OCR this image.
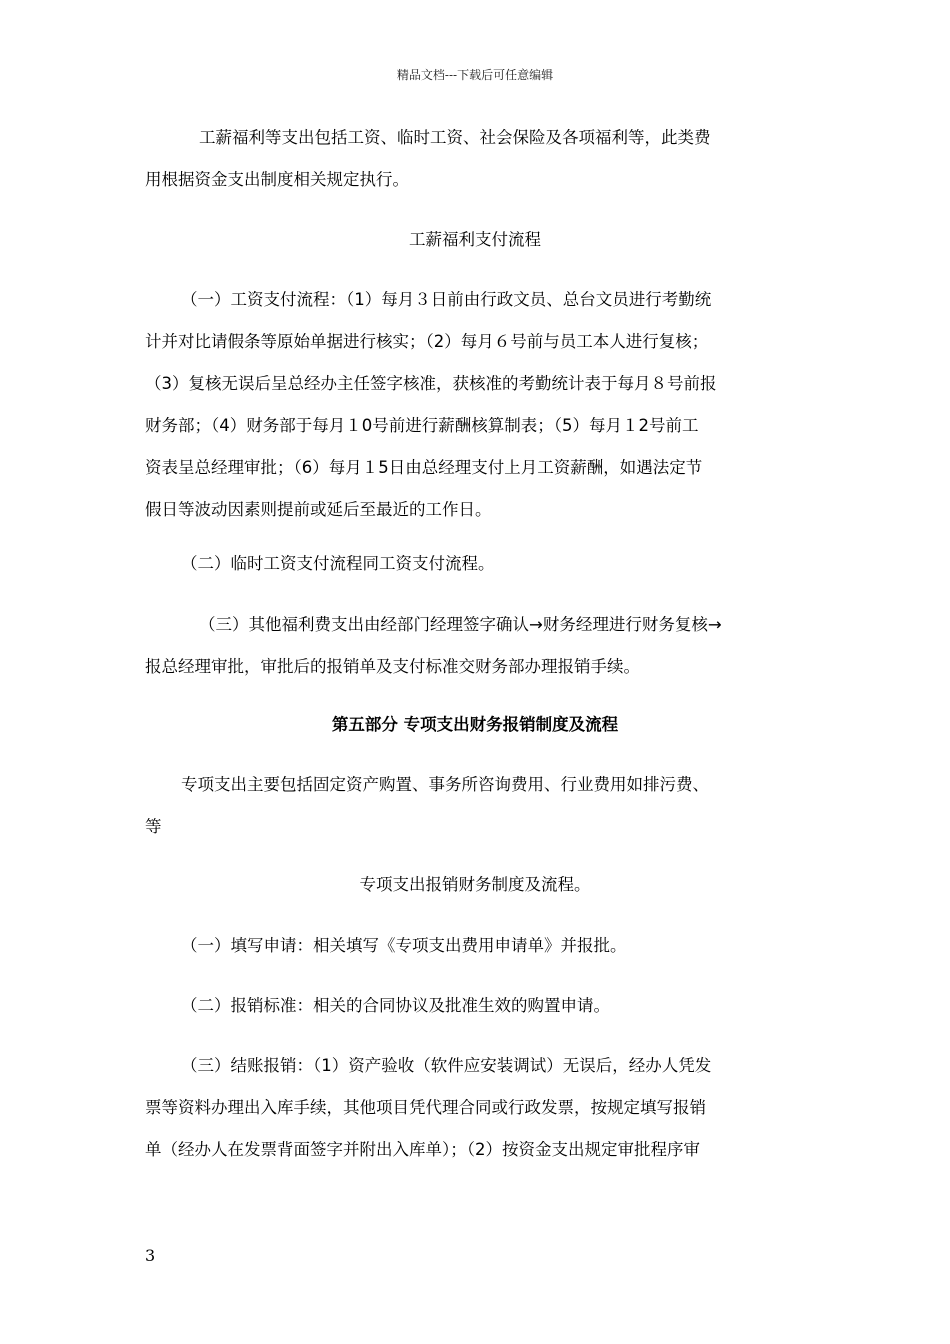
精品文档---下载后可任意编辑
工薪福利等支出包括工资、临时工资、社会保险及各项福利等，此类费
用根据资金支出制度相关规定执行。
工薪福利支付流程
（一）工资支付流程：（1）每月３日前由行政文员、总台文员进行考勤统
计并对比请假条等原始单据进行核实；（2）每月６号前与员工本人进行复核；
（3）复核无误后呈总经办主任签字核准，获核准的考勤统计表于每月８号前报
财务部；（4）财务部于每月１0号前进行薪酬核算制表；（5）每月１2号前工
资表呈总经理审批；（6）每月１5日由总经理支付上月工资薪酬，如遇法定节
假日等波动因素则提前或延后至最近的工作日。
（二）临时工资支付流程同工资支付流程。
（三）其他福利费支出由经部门经理签字确认→财务经理进行财务复核→
报总经理审批，审批后的报销单及支付标准交财务部办理报销手续。
第五部分 专项支出财务报销制度及流程
专项支出主要包括固定资产购置、事务所咨询费用、行业费用如排污费、
等
专项支出报销财务制度及流程。
（一）填写申请：相关填写《专项支出费用申请单》并报批。
（二）报销标准：相关的合同协议及批准生效的购置申请。
（三）结账报销：（1）资产验收（软件应安装调试）无误后，经办人凭发
票等资料办理出入库手续，其他项目凭代理合同或行政发票，按规定填写报销
单（经办人在发票背面签字并附出入库单）；（2）按资金支出规定审批程序审
3
